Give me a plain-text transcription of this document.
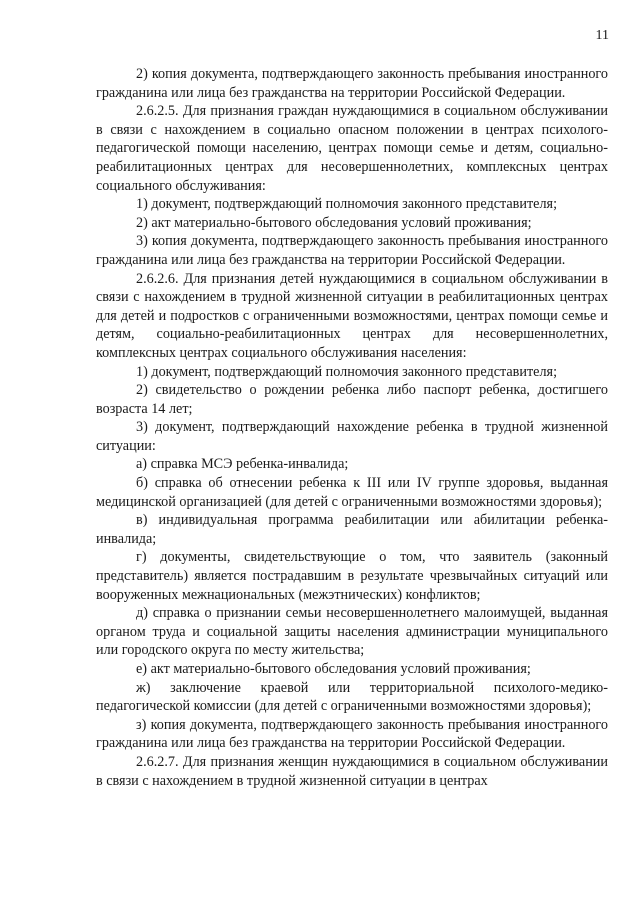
11

2) копия документа, подтверждающего законность пребывания иностранного гражданина или лица без гражданства на территории Российской Федерации.

2.6.2.5. Для признания граждан нуждающимися в социальном обслуживании в связи с нахождением в социально опасном положении в центрах психолого-педагогической помощи населению, центрах помощи семье и детям, социально-реабилитационных центрах для несовершеннолетних, комплексных центрах социального обслуживания:

1) документ, подтверждающий полномочия законного представителя;

2) акт материально-бытового обследования условий проживания;

3) копия документа, подтверждающего законность пребывания иностранного гражданина или лица без гражданства на территории Российской Федерации.

2.6.2.6. Для признания детей нуждающимися в социальном обслуживании в связи с нахождением в трудной жизненной ситуации в реабилитационных центрах для детей и подростков с ограниченными возможностями, центрах помощи семье и детям, социально-реабилитационных центрах для несовершеннолетних, комплексных центрах социального обслуживания населения:

1) документ, подтверждающий полномочия законного представителя;

2) свидетельство о рождении ребенка либо паспорт ребенка, достигшего возраста 14 лет;

3) документ, подтверждающий нахождение ребенка в трудной жизненной ситуации:

а) справка МСЭ ребенка-инвалида;

б) справка об отнесении ребенка к III или IV группе здоровья, выданная медицинской организацией (для детей с ограниченными возможностями здоровья);

в) индивидуальная программа реабилитации или абилитации ребенка-инвалида;

г) документы, свидетельствующие о том, что заявитель (законный представитель) является пострадавшим в результате чрезвычайных ситуаций или вооруженных межнациональных (межэтнических) конфликтов;

д) справка о признании семьи несовершеннолетнего малоимущей, выданная органом труда и социальной защиты населения администрации муниципального или городского округа по месту жительства;

е) акт материально-бытового обследования условий проживания;

ж) заключение краевой или территориальной психолого-медико-педагогической комиссии (для детей с ограниченными возможностями здоровья);

з) копия документа, подтверждающего законность пребывания иностранного гражданина или лица без гражданства на территории Российской Федерации.

2.6.2.7. Для признания женщин нуждающимися в социальном обслуживании в связи с нахождением в трудной жизненной ситуации в центрах
